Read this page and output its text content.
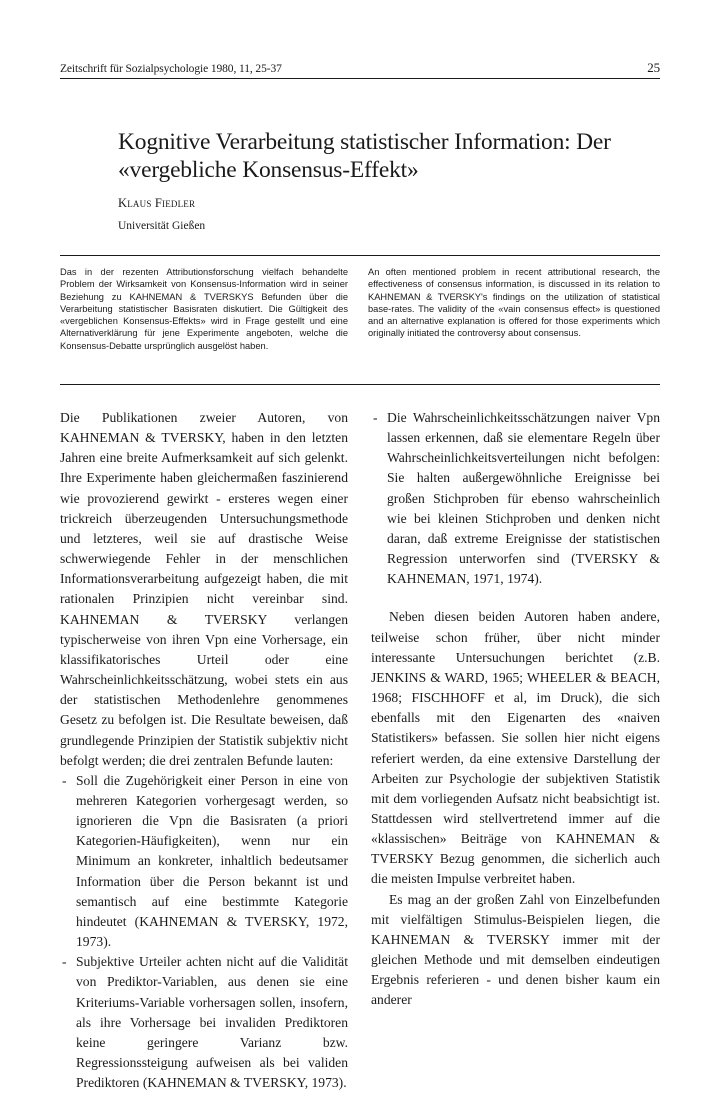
Zeitschrift für Sozialpsychologie 1980, 11, 25-37	25
Kognitive Verarbeitung statistischer Information: Der «vergebliche Konsensus-Effekt»
Klaus Fiedler
Universität Gießen

Das in der rezenten Attributionsforschung vielfach behandelte Problem der Wirksamkeit von Konsensus-Information wird in seiner Beziehung zu KAHNEMAN & TVERSKYS Befunden über die Verarbeitung statistischer Basisraten diskutiert. Die Gültigkeit des «vergeblichen Konsensus-Effekts» wird in Frage gestellt und eine Alternativerklärung für jene Experimente angeboten, welche die Konsensus-Debatte ursprünglich ausgelöst haben.

An often mentioned problem in recent attributional research, the effectiveness of consensus information, is discussed in its relation to KAHNEMAN & TVERSKY's findings on the utilization of statistical base-rates. The validity of the «vain consensus effect» is questioned and an alternative explanation is offered for those experiments which originally initiated the controversy about consensus.

Die Publikationen zweier Autoren, von KAHNEMAN & TVERSKY, haben in den letzten Jahren eine breite Aufmerksamkeit auf sich gelenkt. Ihre Experimente haben gleichermaßen faszinierend wie provozierend gewirkt - ersteres wegen einer trickreich überzeugenden Untersuchungsmethode und letzteres, weil sie auf drastische Weise schwerwiegende Fehler in der menschlichen Informationsverarbeitung aufgezeigt haben, die mit rationalen Prinzipien nicht vereinbar sind. KAHNEMAN & TVERSKY verlangen typischerweise von ihren Vpn eine Vorhersage, ein klassifikatorisches Urteil oder eine Wahrscheinlichkeitsschätzung, wobei stets ein aus der statistischen Methodenlehre genommenes Gesetz zu befolgen ist. Die Resultate beweisen, daß grundlegende Prinzipien der Statistik subjektiv nicht befolgt werden; die drei zentralen Befunde lauten:

- Soll die Zugehörigkeit einer Person in eine von mehreren Kategorien vorhergesagt werden, so ignorieren die Vpn die Basisraten (a priori Kategorien-Häufigkeiten), wenn nur ein Minimum an konkreter, inhaltlich bedeutsamer Information über die Person bekannt ist und semantisch auf eine bestimmte Kategorie hindeutet (KAHNEMAN & TVERSKY, 1972, 1973).
- Subjektive Urteiler achten nicht auf die Validität von Prediktor-Variablen, aus denen sie eine Kriteriums-Variable vorhersagen sollen, insofern, als ihre Vorhersage bei invaliden Prediktoren keine geringere Varianz bzw. Regressionssteigung aufweisen als bei validen Prediktoren (KAHNEMAN & TVERSKY, 1973).
- Die Wahrscheinlichkeitsschätzungen naiver Vpn lassen erkennen, daß sie elementare Regeln über Wahrscheinlichkeitsverteilungen nicht befolgen: Sie halten außergewöhnliche Ereignisse bei großen Stichproben für ebenso wahrscheinlich wie bei kleinen Stichproben und denken nicht daran, daß extreme Ereignisse der statistischen Regression unterworfen sind (TVERSKY & KAHNEMAN, 1971, 1974).

Neben diesen beiden Autoren haben andere, teilweise schon früher, über nicht minder interessante Untersuchungen berichtet (z.B. JENKINS & WARD, 1965; WHEELER & BEACH, 1968; FISCHHOFF et al, im Druck), die sich ebenfalls mit den Eigenarten des «naiven Statistikers» befassen. Sie sollen hier nicht eigens referiert werden, da eine extensive Darstellung der Arbeiten zur Psychologie der subjektiven Statistik mit dem vorliegenden Aufsatz nicht beabsichtigt ist. Stattdessen wird stellvertretend immer auf die «klassischen» Beiträge von KAHNEMAN & TVERSKY Bezug genommen, die sicherlich auch die meisten Impulse verbreitet haben.

Es mag an der großen Zahl von Einzelbefunden mit vielfältigen Stimulus-Beispielen liegen, die KAHNEMAN & TVERSKY immer mit der gleichen Methode und mit demselben eindeutigen Ergebnis referieren - und denen bisher kaum ein anderer
